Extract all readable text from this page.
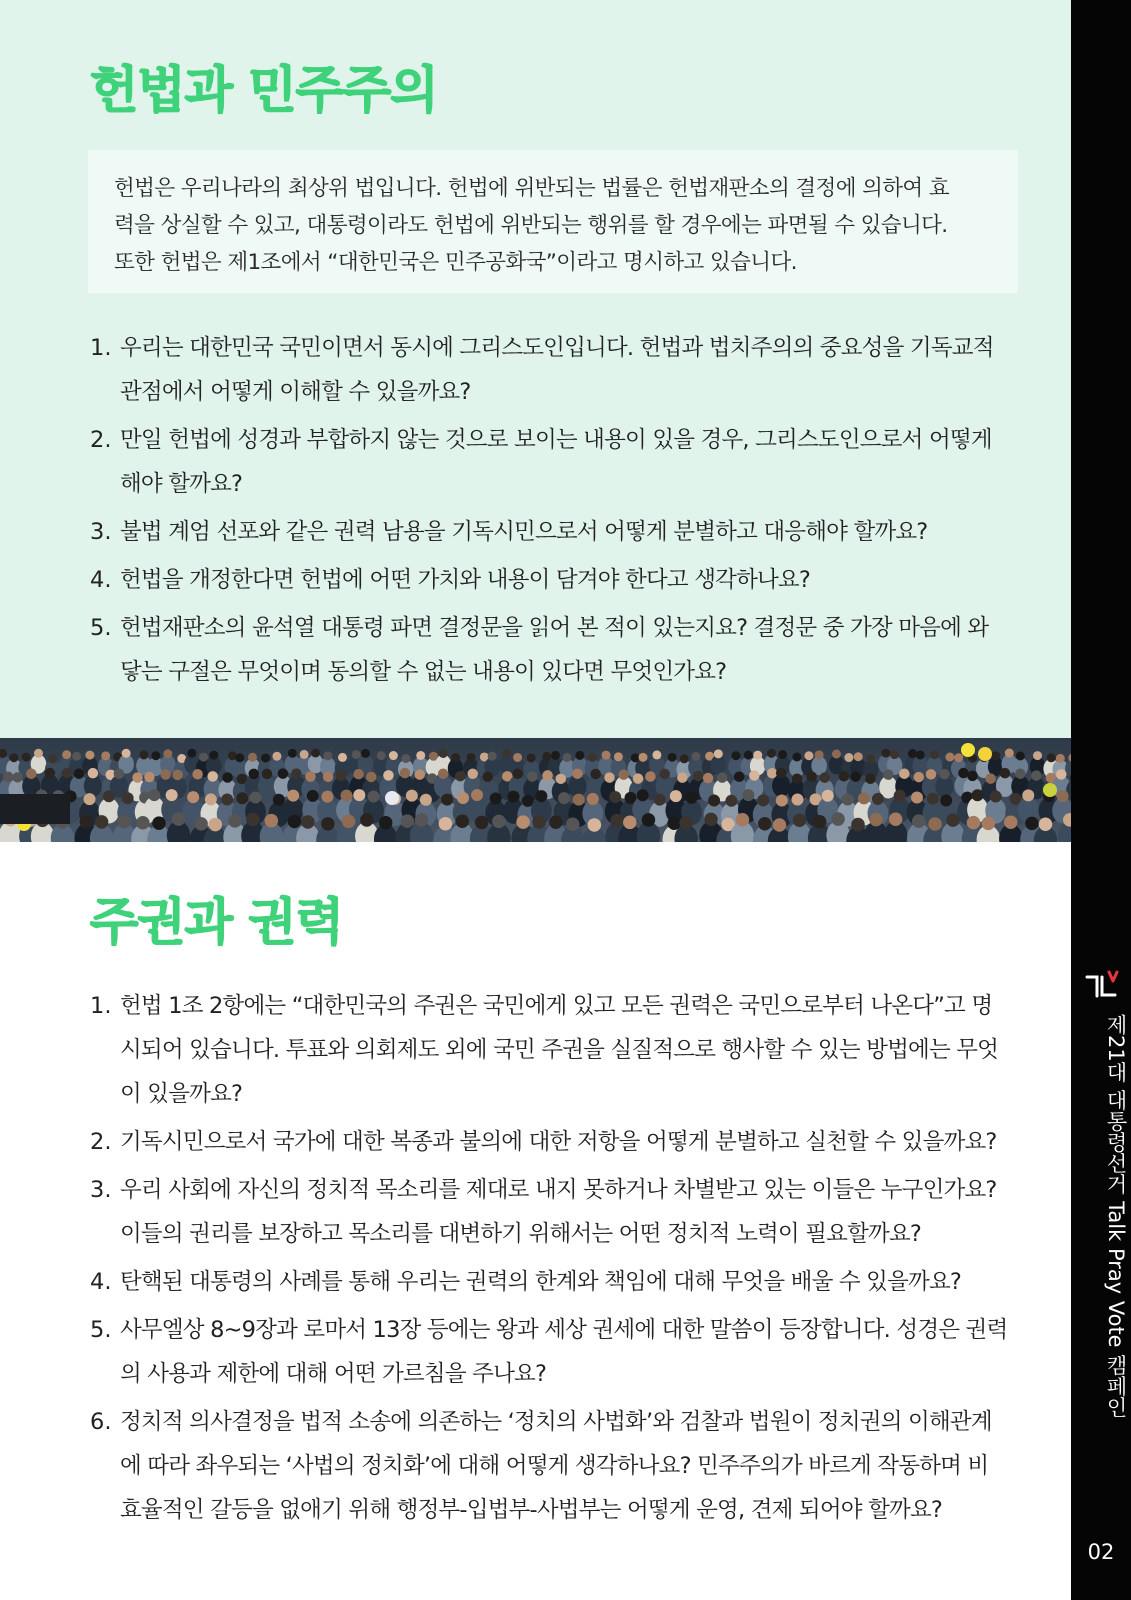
헌법과 민주주의
헌법은 우리나라의 최상위 법입니다. 헌법에 위반되는 법률은 헌법재판소의 결정에 의하여 효
력을 상실할 수 있고, 대통령이라도 헌법에 위반되는 행위를 할 경우에는 파면될 수 있습니다.
또한 헌법은 제1조에서 “대한민국은 민주공화국”이라고 명시하고 있습니다.
1. 우리는 대한민국 국민이면서 동시에 그리스도인입니다. 헌법과 법치주의의 중요성을 기독교적
관점에서 어떻게 이해할 수 있을까요?
2. 만일 헌법에 성경과 부합하지 않는 것으로 보이는 내용이 있을 경우, 그리스도인으로서 어떻게
해야 할까요?
3. 불법 계엄 선포와 같은 권력 남용을 기독시민으로서 어떻게 분별하고 대응해야 할까요?
4. 헌법을 개정한다면 헌법에 어떤 가치와 내용이 담겨야 한다고 생각하나요?
5. 헌법재판소의 윤석열 대통령 파면 결정문을 읽어 본 적이 있는지요? 결정문 중 가장 마음에 와
닿는 구절은 무엇이며 동의할 수 없는 내용이 있다면 무엇인가요?
주권과 권력
1. 헌법 1조 2항에는 “대한민국의 주권은 국민에게 있고 모든 권력은 국민으로부터 나온다”고 명
시되어 있습니다. 투표와 의회제도 외에 국민 주권을 실질적으로 행사할 수 있는 방법에는 무엇
이 있을까요?
2. 기독시민으로서 국가에 대한 복종과 불의에 대한 저항을 어떻게 분별하고 실천할 수 있을까요?
3. 우리 사회에 자신의 정치적 목소리를 제대로 내지 못하거나 차별받고 있는 이들은 누구인가요?
이들의 권리를 보장하고 목소리를 대변하기 위해서는 어떤 정치적 노력이 필요할까요?
4. 탄핵된 대통령의 사례를 통해 우리는 권력의 한계와 책임에 대해 무엇을 배울 수 있을까요?
5. 사무엘상 8~9장과 로마서 13장 등에는 왕과 세상 권세에 대한 말씀이 등장합니다. 성경은 권력
의 사용과 제한에 대해 어떤 가르침을 주나요?
6. 정치적 의사결정을 법적 소송에 의존하는 ‘정치의 사법화’와 검찰과 법원이 정치권의 이해관계
에 따라 좌우되는 ‘사법의 정치화’에 대해 어떻게 생각하나요? 민주주의가 바르게 작동하며 비
효율적인 갈등을 없애기 위해 행정부-입법부-사법부는 어떻게 운영, 견제 되어야 할까요?
제21대 대통령선거 Talk Pray Vote 캠페인
02
